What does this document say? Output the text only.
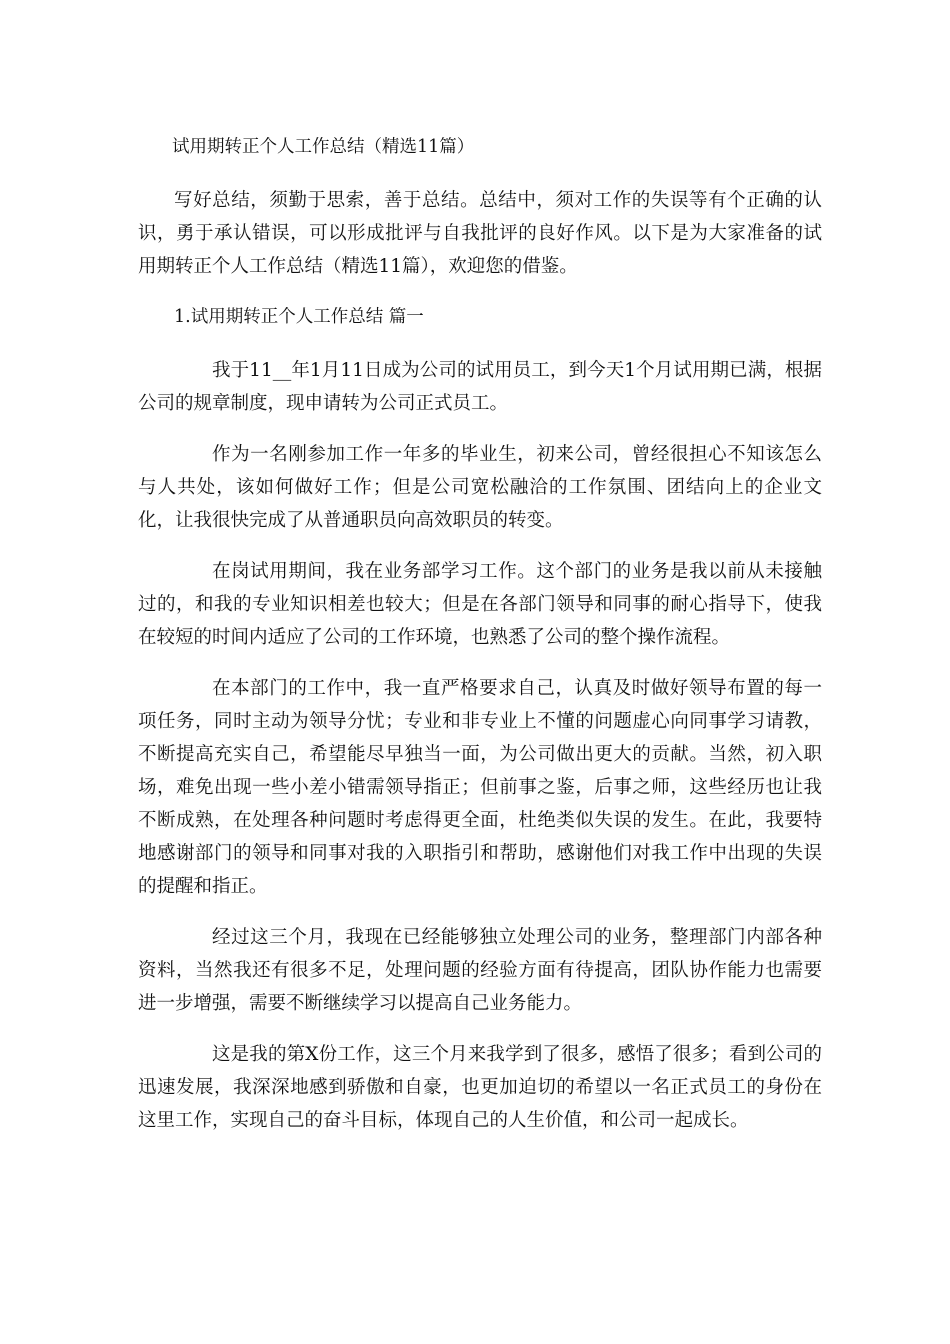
试用期转正个人工作总结（精选11篇）

写好总结，须勤于思索，善于总结。总结中，须对工作的失误等有个正确的认识，勇于承认错误，可以形成批评与自我批评的良好作风。以下是为大家准备的试用期转正个人工作总结（精选11篇），欢迎您的借鉴。

1.试用期转正个人工作总结 篇一

我于11__年1月11日成为公司的试用员工，到今天1个月试用期已满，根据公司的规章制度，现申请转为公司正式员工。

作为一名刚参加工作一年多的毕业生，初来公司，曾经很担心不知该怎么与人共处，该如何做好工作；但是公司宽松融洽的工作氛围、团结向上的企业文化，让我很快完成了从普通职员向高效职员的转变。

在岗试用期间，我在业务部学习工作。这个部门的业务是我以前从未接触过的，和我的专业知识相差也较大；但是在各部门领导和同事的耐心指导下，使我在较短的时间内适应了公司的工作环境，也熟悉了公司的整个操作流程。

在本部门的工作中，我一直严格要求自己，认真及时做好领导布置的每一项任务，同时主动为领导分忧；专业和非专业上不懂的问题虚心向同事学习请教，不断提高充实自己，希望能尽早独当一面，为公司做出更大的贡献。当然，初入职场，难免出现一些小差小错需领导指正；但前事之鉴，后事之师，这些经历也让我不断成熟，在处理各种问题时考虑得更全面，杜绝类似失误的发生。在此，我要特地感谢部门的领导和同事对我的入职指引和帮助，感谢他们对我工作中出现的失误的提醒和指正。

经过这三个月，我现在已经能够独立处理公司的业务，整理部门内部各种资料，当然我还有很多不足，处理问题的经验方面有待提高，团队协作能力也需要进一步增强，需要不断继续学习以提高自己业务能力。

这是我的第X份工作，这三个月来我学到了很多，感悟了很多；看到公司的迅速发展，我深深地感到骄傲和自豪，也更加迫切的希望以一名正式员工的身份在这里工作，实现自己的奋斗目标，体现自己的人生价值，和公司一起成长。
